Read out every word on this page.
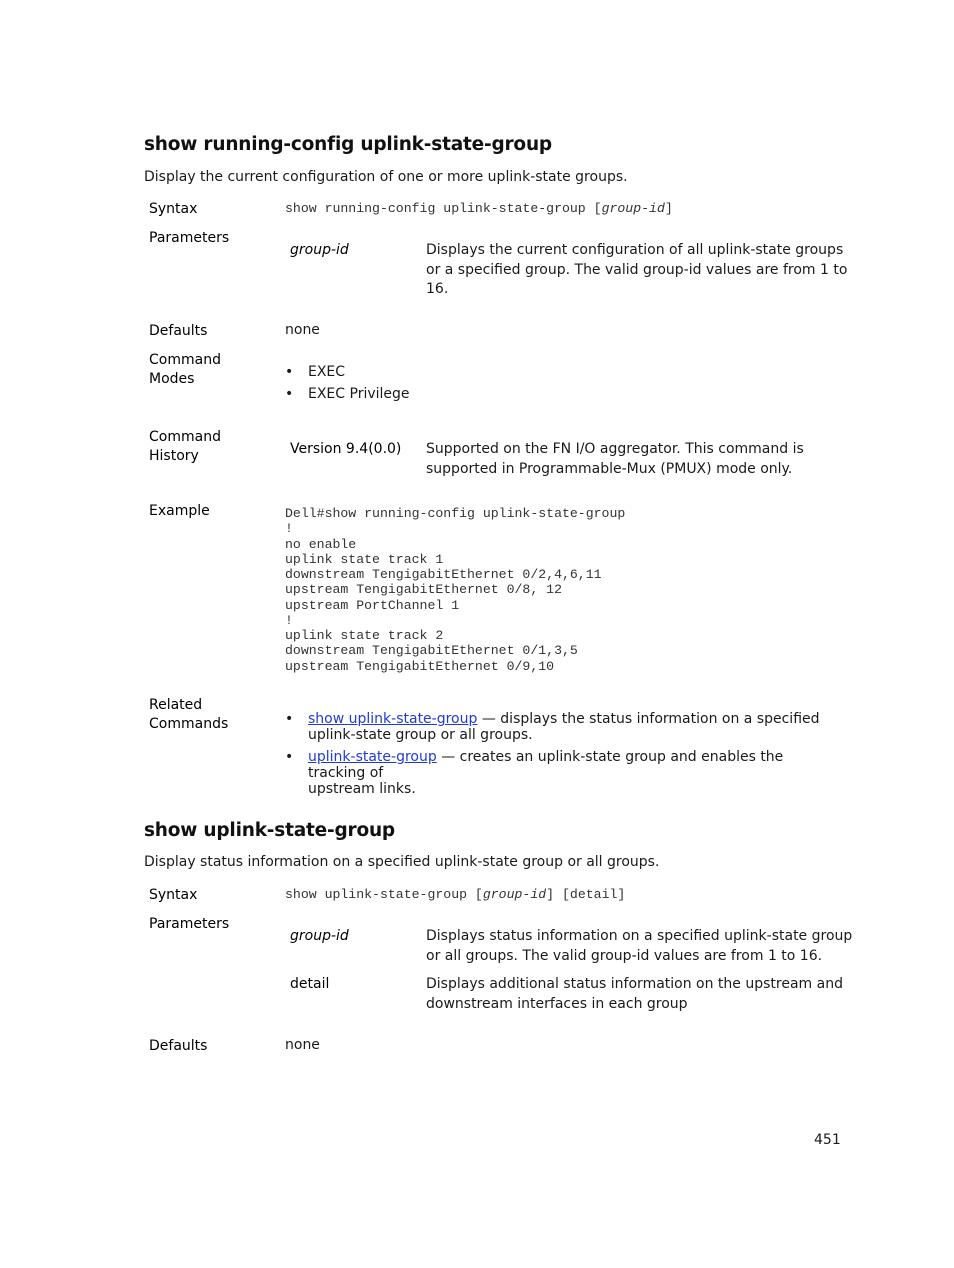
show running-config uplink-state-group
Display the current configuration of one or more uplink-state groups.
Syntax	show running-config uplink-state-group [group-id]
Parameters
group-id	Displays the current configuration of all uplink-state groups
or a specified group. The valid group-id values are from 1 to
16.
Defaults	none
Command
Modes	• EXEC
• EXEC Privilege
Command
History	Version 9.4(0.0) Supported on the FN I/O aggregator. This command is
supported in Programmable-Mux (PMUX) mode only.
Example	Dell#show running-config uplink-state-group
!
no enable
uplink state track 1
downstream TengigabitEthernet 0/2,4,6,11
upstream TengigabitEthernet 0/8, 12
upstream PortChannel 1
!
uplink state track 2
downstream TengigabitEthernet 0/1,3,5
upstream TengigabitEthernet 0/9,10
Related
Commands	• show uplink-state-group — displays the status information on a specified
uplink-state group or all groups.
• uplink-state-group — creates an uplink-state group and enables the tracking of
upstream links.
show uplink-state-group
Display status information on a specified uplink-state group or all groups.
Syntax	show uplink-state-group [group-id] [detail]
Parameters
group-id	Displays status information on a specified uplink-state group
or all groups. The valid group-id values are from 1 to 16.
detail	Displays additional status information on the upstream and
downstream interfaces in each group
Defaults	none
451
